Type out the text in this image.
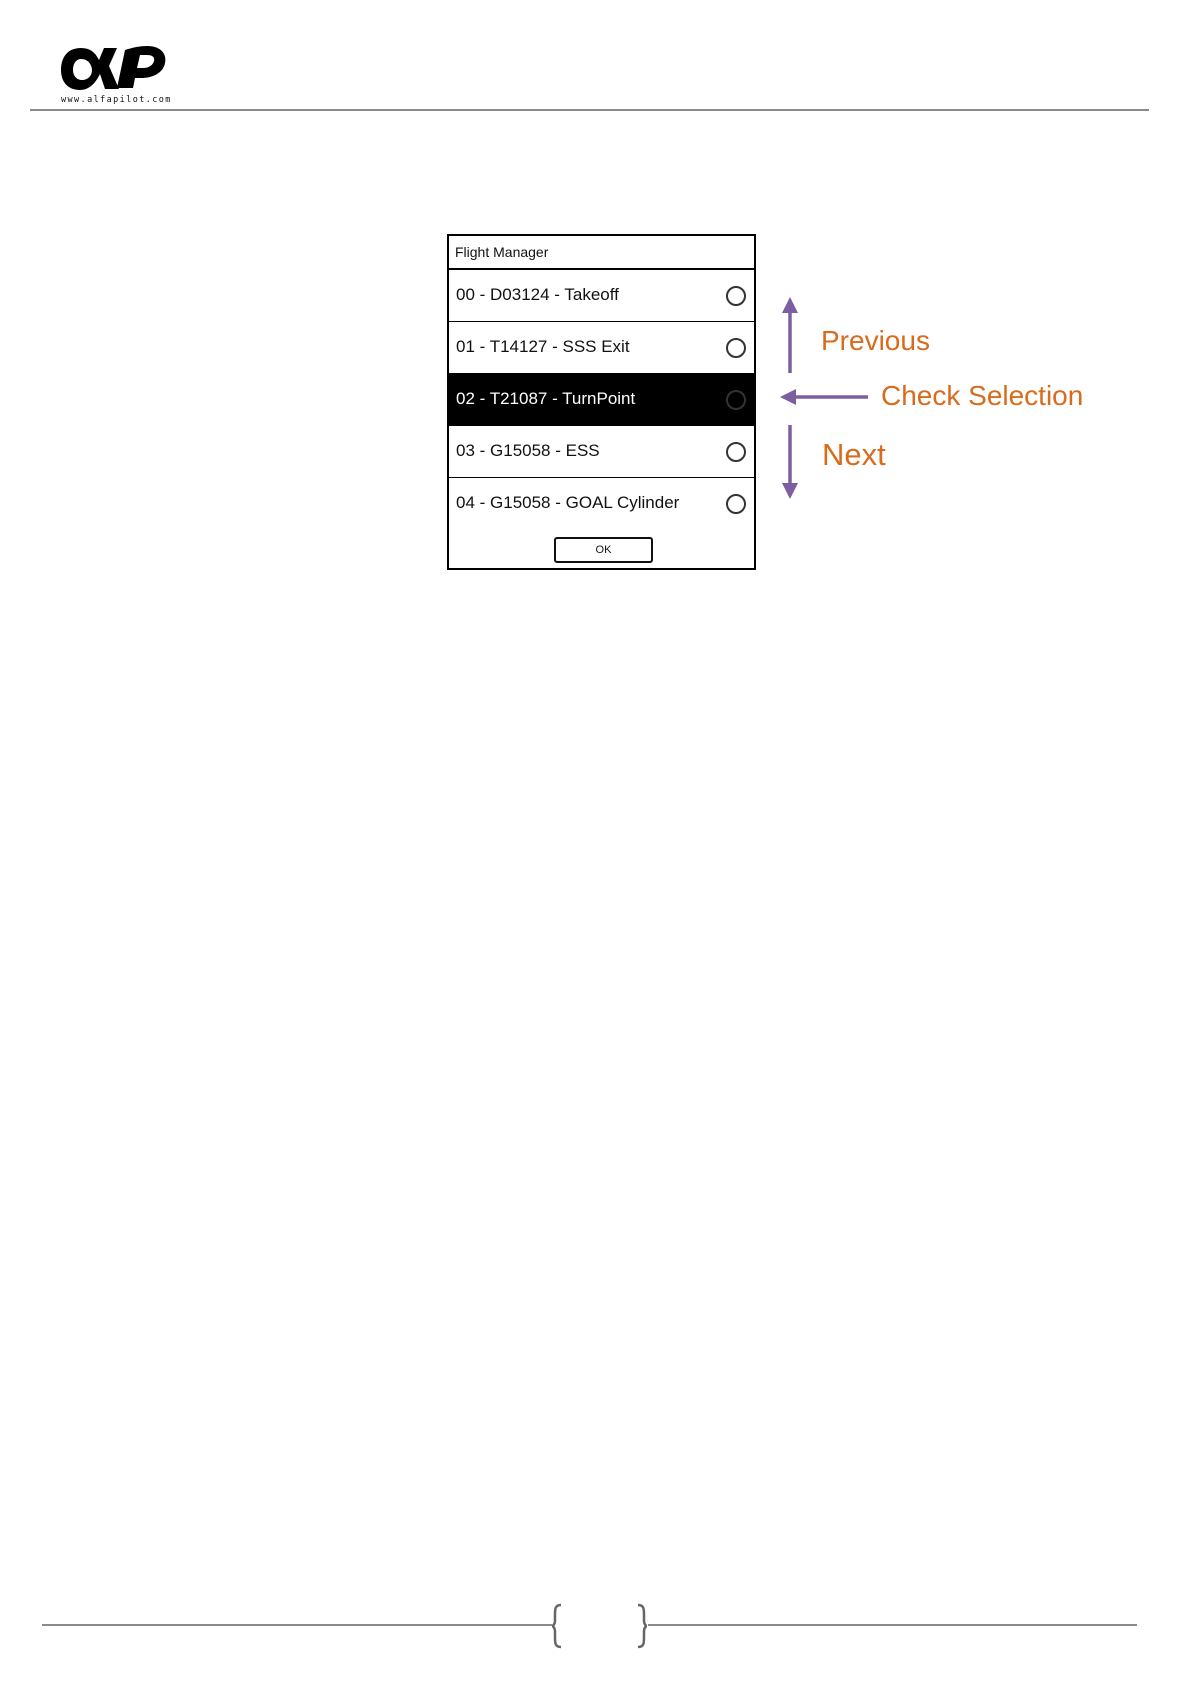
www.alfapilot.com
Flight Manager
00 - D03124 - Takeoff
01 - T14127 - SSS Exit
02 - T21087 - TurnPoint
03 - G15058 - ESS
04 - G15058 - GOAL Cylinder
OK
Previous
Check Selection
Next
